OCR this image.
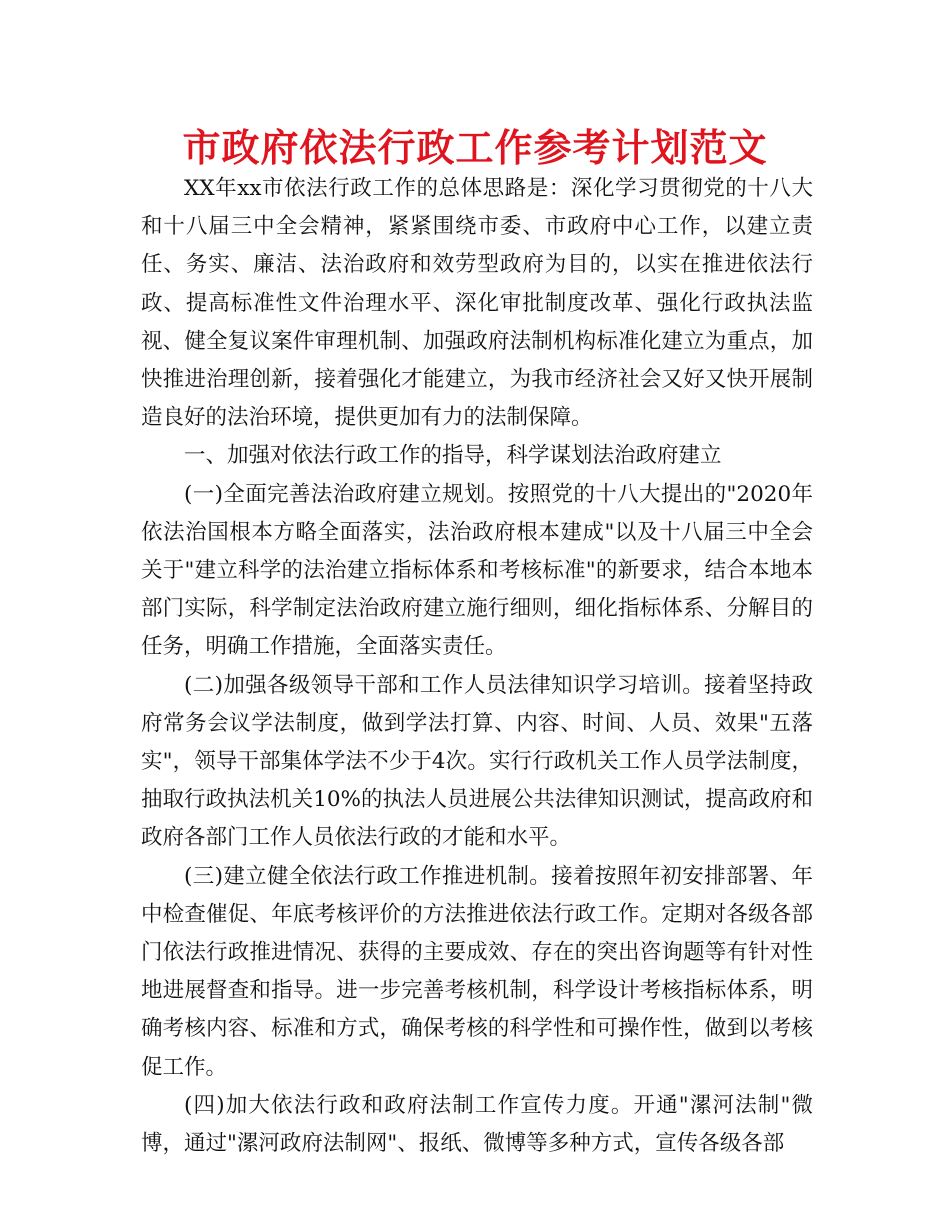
市政府依法行政工作参考计划范文

XX年xx市依法行政工作的总体思路是：深化学习贯彻党的十八大和十八届三中全会精神，紧紧围绕市委、市政府中心工作，以建立责任、务实、廉洁、法治政府和效劳型政府为目的，以实在推进依法行政、提高标准性文件治理水平、深化审批制度改革、强化行政执法监视、健全复议案件审理机制、加强政府法制机构标准化建立为重点，加快推进治理创新，接着强化才能建立，为我市经济社会又好又快开展制造良好的法治环境，提供更加有力的法制保障。

一、加强对依法行政工作的指导，科学谋划法治政府建立

(一)全面完善法治政府建立规划。按照党的十八大提出的"2020年依法治国根本方略全面落实，法治政府根本建成"以及十八届三中全会关于"建立科学的法治建立指标体系和考核标准"的新要求，结合本地本部门实际，科学制定法治政府建立施行细则，细化指标体系、分解目的任务，明确工作措施，全面落实责任。

(二)加强各级领导干部和工作人员法律知识学习培训。接着坚持政府常务会议学法制度，做到学法打算、内容、时间、人员、效果"五落实"，领导干部集体学法不少于4次。实行行政机关工作人员学法制度，抽取行政执法机关10%的执法人员进展公共法律知识测试，提高政府和政府各部门工作人员依法行政的才能和水平。

(三)建立健全依法行政工作推进机制。接着按照年初安排部署、年中检查催促、年底考核评价的方法推进依法行政工作。定期对各级各部门依法行政推进情况、获得的主要成效、存在的突出咨询题等有针对性地进展督查和指导。进一步完善考核机制，科学设计考核指标体系，明确考核内容、标准和方式，确保考核的科学性和可操作性，做到以考核促工作。

(四)加大依法行政和政府法制工作宣传力度。开通"漯河法制"微博，通过"漯河政府法制网"、报纸、微博等多种方式，宣传各级各部
